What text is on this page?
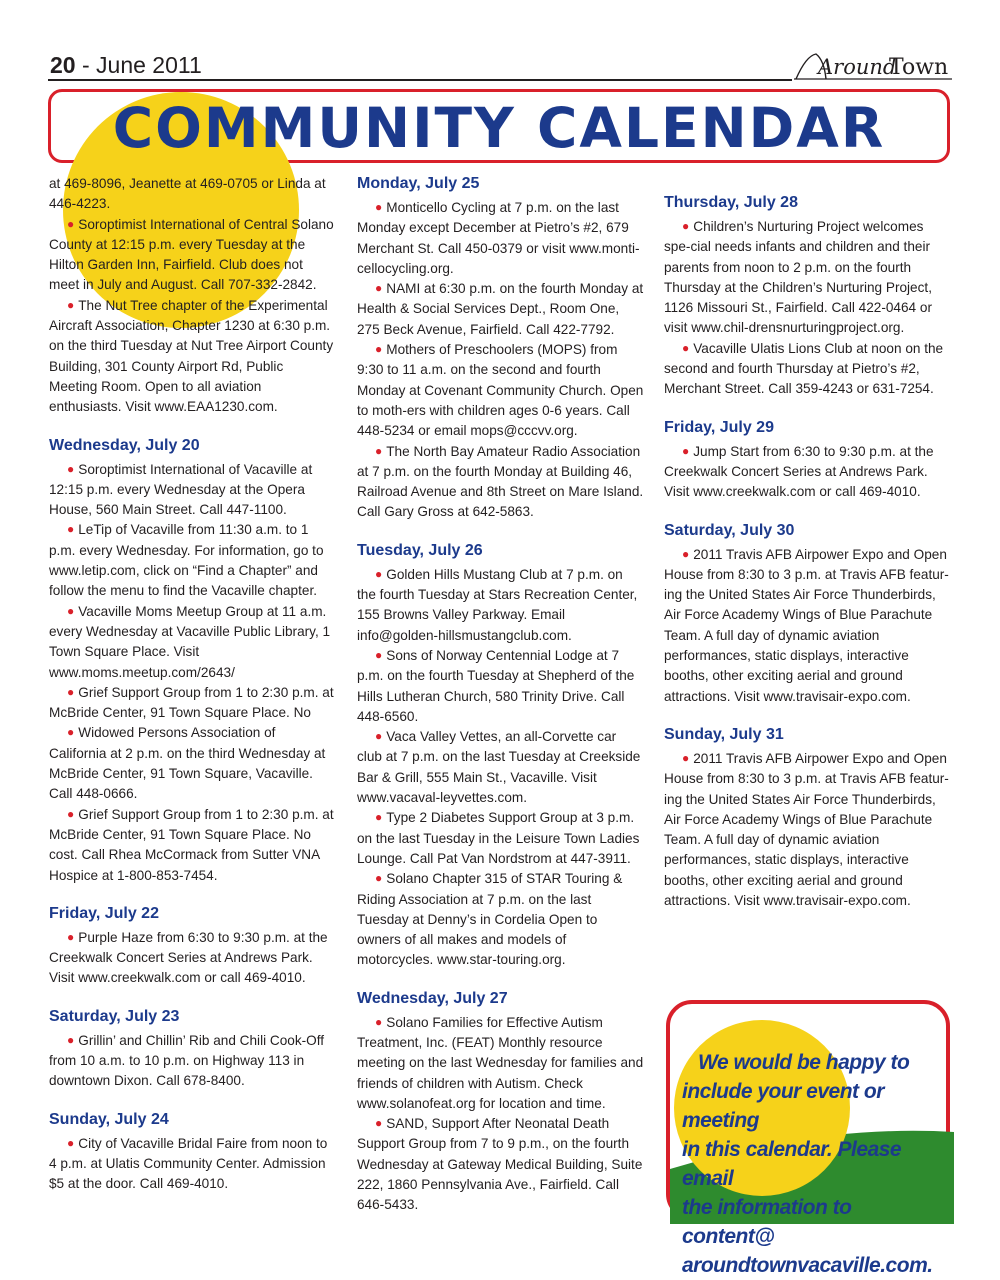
20 - June 2011	Around
Town
COMMUNITY CALENDAR

at 469-8096, Jeanette at 469-0705 or Linda at 446-4223.

● Soroptimist International of Central Solano County at 12:15 p.m. every Tuesday at the Hilton Garden Inn, Fairfield. Club does not meet in July and August. Call 707-332-2842.

● The Nut Tree chapter of the Experimental Aircraft Association, Chapter 1230 at 6:30 p.m. on the third Tuesday at Nut Tree Airport County Building, 301 County Airport Rd, Public Meeting Room. Open to all aviation enthusiasts. Visit www.EAA1230.com.

Wednesday, July 20

● Soroptimist International of Vacaville at 12:15 p.m. every Wednesday at the Opera House, 560 Main Street. Call 447-1100.

● LeTip of Vacaville from 11:30 a.m. to 1 p.m. every Wednesday. For information, go to www.letip.com, click on “Find a Chapter” and follow the menu to find the Vacaville chapter.

● Vacaville Moms Meetup Group at 11 a.m. every Wednesday at Vacaville Public Library, 1 Town Square Place. Visit www.moms.meetup.com/2643/

● Grief Support Group from 1 to 2:30 p.m. at McBride Center, 91 Town Square Place. No

● Widowed Persons Association of California at 2 p.m. on the third Wednesday at McBride Center, 91 Town Square, Vacaville. Call 448-0666.

● Grief Support Group from 1 to 2:30 p.m. at McBride Center, 91 Town Square Place. No cost. Call Rhea McCormack from Sutter VNA Hospice at 1-800-853-7454.

Friday, July 22

● Purple Haze from 6:30 to 9:30 p.m. at the Creekwalk Concert Series at Andrews Park. Visit www.creekwalk.com or call 469-4010.

Saturday, July 23

● Grillin’ and Chillin’ Rib and Chili Cook-Off from 10 a.m. to 10 p.m. on Highway 113 in downtown Dixon. Call 678-8400.

Sunday, July 24

● City of Vacaville Bridal Faire from noon to 4 p.m. at Ulatis Community Center. Admission $5 at the door. Call 469-4010.

Monday, July 25

● Monticello Cycling at 7 p.m. on the last Monday except December at Pietro’s #2, 679 Merchant St. Call 450-0379 or visit www.monti-cellocycling.org.

● NAMI at 6:30 p.m. on the fourth Monday at Health & Social Services Dept., Room One, 275 Beck Avenue, Fairfield. Call 422-7792.

● Mothers of Preschoolers (MOPS) from 9:30 to 11 a.m. on the second and fourth Monday at Covenant Community Church. Open to moth-ers with children ages 0-6 years. Call 448-5234 or email mops@cccvv.org.

● The North Bay Amateur Radio Association at 7 p.m. on the fourth Monday at Building 46, Railroad Avenue and 8th Street on Mare Island. Call Gary Gross at 642-5863.

Tuesday, July 26

● Golden Hills Mustang Club at 7 p.m. on the fourth Tuesday at Stars Recreation Center, 155 Browns Valley Parkway. Email info@golden-hillsmustangclub.com.

● Sons of Norway Centennial Lodge at 7 p.m. on the fourth Tuesday at Shepherd of the Hills Lutheran Church, 580 Trinity Drive. Call 448-6560.

● Vaca Valley Vettes, an all-Corvette car club at 7 p.m. on the last Tuesday at Creekside Bar & Grill, 555 Main St., Vacaville. Visit www.vacaval-leyvettes.com.

● Type 2 Diabetes Support Group at 3 p.m. on the last Tuesday in the Leisure Town Ladies Lounge. Call Pat Van Nordstrom at 447-3911.

● Solano Chapter 315 of STAR Touring & Riding Association at 7 p.m. on the last Tuesday at Denny’s in Cordelia Open to owners of all makes and models of motorcycles. www.star-touring.org.

Wednesday, July 27

● Solano Families for Effective Autism Treatment, Inc. (FEAT) Monthly resource meeting on the last Wednesday for families and friends of children with Autism. Check www.solanofeat.org for location and time.

● SAND, Support After Neonatal Death Support Group from 7 to 9 p.m., on the fourth Wednesday at Gateway Medical Building, Suite 222, 1860 Pennsylvania Ave., Fairfield. Call 646-5433.

Thursday, July 28

● Children’s Nurturing Project welcomes spe-cial needs infants and children and their parents from noon to 2 p.m. on the fourth Thursday at the Children’s Nurturing Project, 1126 Missouri St., Fairfield. Call 422-0464 or visit www.chil-drensnurturingproject.org.

● Vacaville Ulatis Lions Club at noon on the second and fourth Thursday at Pietro’s #2, Merchant Street. Call 359-4243 or 631-7254.

Friday, July 29

● Jump Start from 6:30 to 9:30 p.m. at the Creekwalk Concert Series at Andrews Park. Visit www.creekwalk.com or call 469-4010.

Saturday, July 30

● 2011 Travis AFB Airpower Expo and Open House from 8:30 to 3 p.m. at Travis AFB featur-ing the United States Air Force Thunderbirds, Air Force Academy Wings of Blue Parachute Team. A full day of dynamic aviation performances, static displays, interactive booths, other exciting aerial and ground attractions. Visit www.travisair-expo.com.

Sunday, July 31

● 2011 Travis AFB Airpower Expo and Open House from 8:30 to 3 p.m. at Travis AFB featur-ing the United States Air Force Thunderbirds, Air Force Academy Wings of Blue Parachute Team. A full day of dynamic aviation performances, static displays, interactive booths, other exciting aerial and ground attractions. Visit www.travisair-expo.com.

We would be happy to
include your event or meeting
in this calendar. Please email
the information to content@
aroundtownvacaville.com.
